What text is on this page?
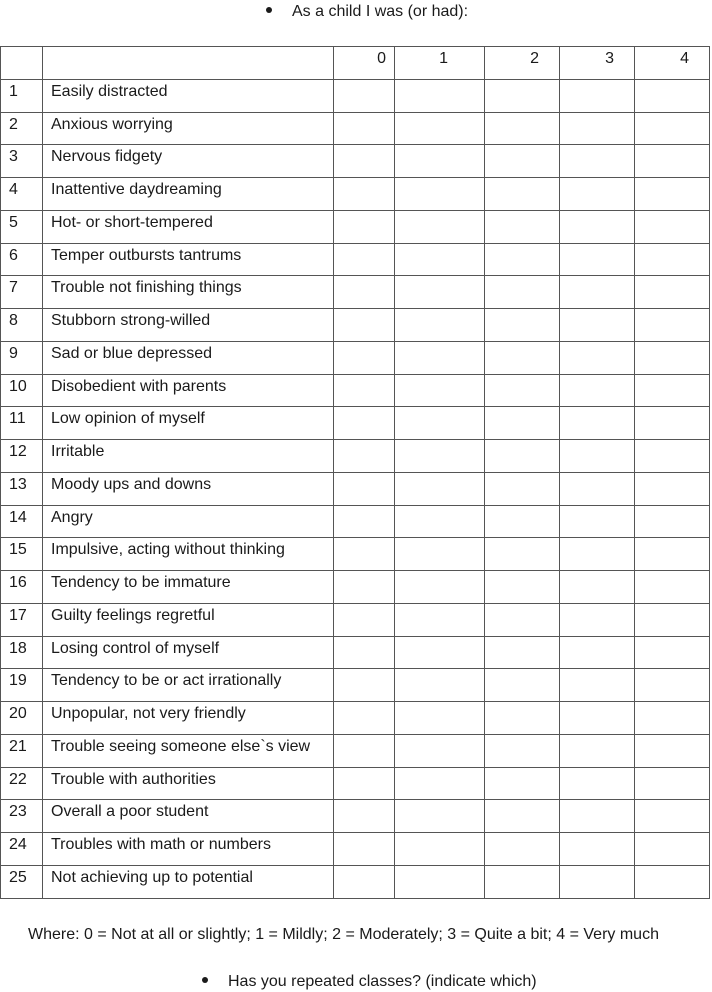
As a child I was (or had):
		0	1	2	3	4
1	Easily distracted					
2	Anxious worrying					
3	Nervous fidgety					
4	Inattentive daydreaming					
5	Hot- or short-tempered					
6	Temper outbursts tantrums					
7	Trouble not finishing things					
8	Stubborn strong-willed					
9	Sad or blue depressed					
10	Disobedient with parents					
11	Low opinion of myself					
12	Irritable					
13	Moody ups and downs					
14	Angry					
15	Impulsive, acting without thinking					
16	Tendency to be immature					
17	Guilty feelings regretful					
18	Losing control of myself					
19	Tendency to be or act irrationally					
20	Unpopular, not very friendly					
21	Trouble seeing someone else`s view					
22	Trouble with authorities					
23	Overall a poor student					
24	Troubles with math or numbers					
25	Not achieving up to potential					
Where: 0 = Not at all or slightly; 1 = Mildly; 2 = Moderately; 3 = Quite a bit; 4 = Very much
Has you repeated classes? (indicate which)
